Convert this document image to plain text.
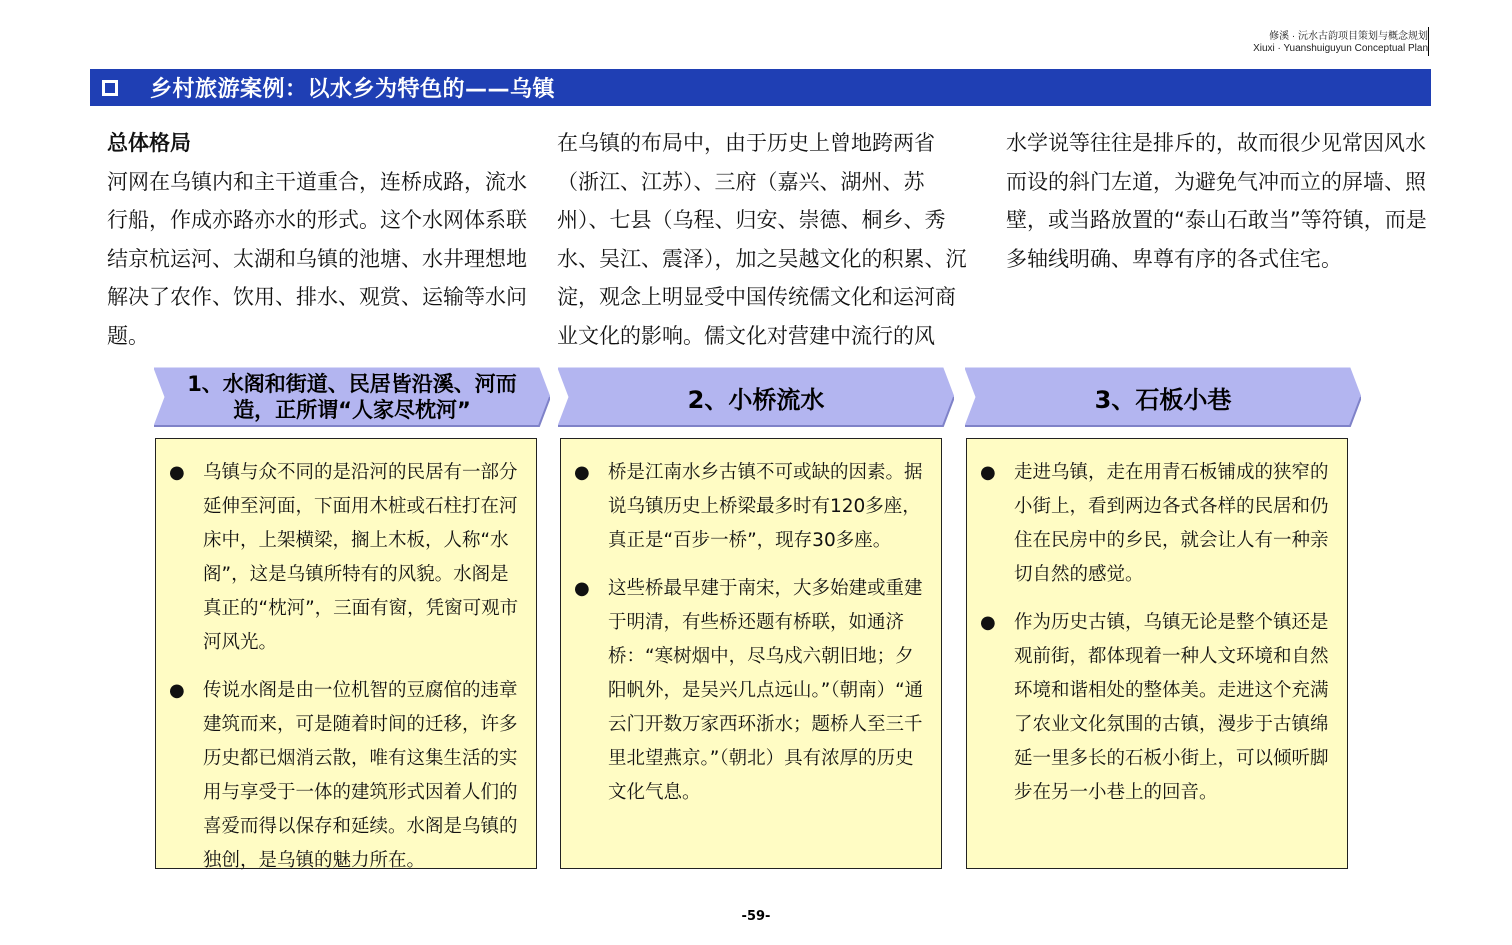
修溪 · 沅水古韵项目策划与概念规划
Xiuxi · Yuanshuiguyun Conceptual Plan
乡村旅游案例：以水乡为特色的——乌镇

总体格局

河网在乌镇内和主干道重合，连桥成路，流水行船，作成亦路亦水的形式。这个水网体系联结京杭运河、太湖和乌镇的池塘、水井理想地解决了农作、饮用、排水、观赏、运输等水问题。

在乌镇的布局中，由于历史上曾地跨两省（浙江、江苏）、三府（嘉兴、湖州、苏州）、七县（乌程、归安、崇德、桐乡、秀水、吴江、震泽），加之吴越文化的积累、沉淀，观念上明显受中国传统儒文化和运河商业文化的影响。儒文化对营建中流行的风

水学说等往往是排斥的，故而很少见常因风水而设的斜门左道，为避免气冲而立的屏墙、照壁，或当路放置的“泰山石敢当”等符镇，而是多轴线明确、卑尊有序的各式住宅。

1、水阁和街道、民居皆沿溪、河而
造，正所谓“人家尽枕河”	2、小桥流水	3、石板小巷
● 乌镇与众不同的是沿河的民居有一部分延伸至河面，下面用木桩或石柱打在河床中，上架横梁，搁上木板，人称“水阁”，这是乌镇所特有的风貌。水阁是真正的“枕河”，三面有窗，凭窗可观市河风光。
● 传说水阁是由一位机智的豆腐倌的违章建筑而来，可是随着时间的迁移，许多历史都已烟消云散，唯有这集生活的实用与享受于一体的建筑形式因着人们的喜爱而得以保存和延续。水阁是乌镇的独创，是乌镇的魅力所在。
● 桥是江南水乡古镇不可或缺的因素。据说乌镇历史上桥梁最多时有120多座，真正是“百步一桥”，现存30多座。
● 这些桥最早建于南宋，大多始建或重建于明清，有些桥还题有桥联，如通济桥：“寒树烟中，尽乌戍六朝旧地；夕阳帆外，是吴兴几点远山。”（朝南）“通云门开数万家西环浙水；题桥人至三千里北望燕京。”（朝北）具有浓厚的历史文化气息。
● 走进乌镇，走在用青石板铺成的狭窄的小街上，看到两边各式各样的民居和仍住在民房中的乡民，就会让人有一种亲切自然的感觉。
● 作为历史古镇，乌镇无论是整个镇还是观前街，都体现着一种人文环境和自然环境和谐相处的整体美。走进这个充满了农业文化氛围的古镇，漫步于古镇绵延一里多长的石板小街上，可以倾听脚步在另一小巷上的回音。
-59-
